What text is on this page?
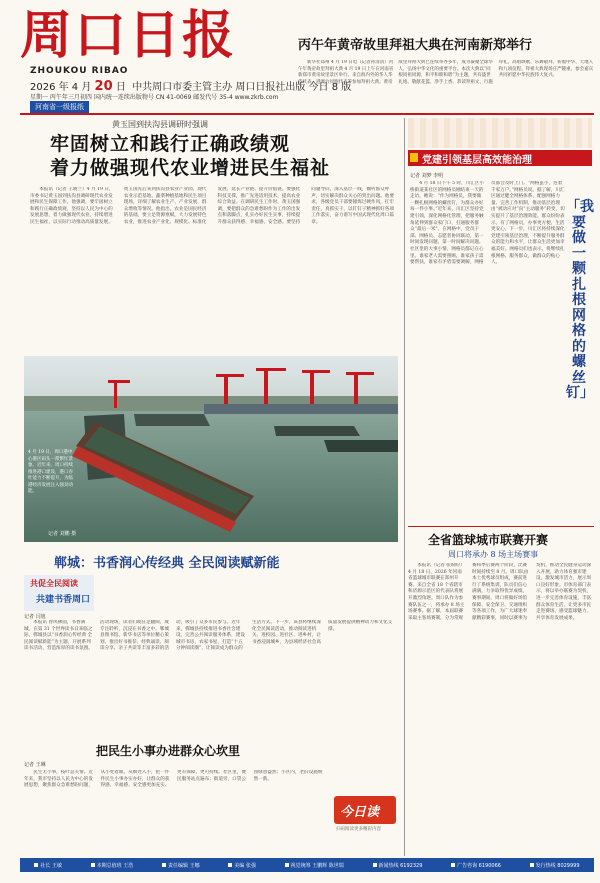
周口日报
ZHOUKOU RIBAO
2026 年 4 月 20 日 中共周口市委主管主办 周口日报社出版 今日 8 版
星期一 丙午年三月初四 国内统一连续出版物号 CN 41-0069 邮发代号 35-4 www.zkrb.com
河南省一级报纸
丙午年黄帝故里拜祖大典在河南新郑举行

新华社郑州 4 月 19 日电（记者孙清清）丙午年黄帝故里拜祖大典 4 月 19 日上午在河南省新郑市黄帝故里景区举行。来自海内外的华人华侨代表、港澳台同胞代表等参加拜祖大典。黄帝故里拜祖大典已连续举办多年，成为凝聚全球华人、弘扬中华文化的重要平台。本次大典以“同根同祖同源，和平和睦和谐”为主题，共有盛世礼炮、敬献花篮、净手上香、恭读拜祖文、行施拜礼、高唱颂歌、乐舞敬拜、祈福中华、天地人和九项仪程。拜祖大典现场庄严隆重，参会嘉宾共同祈愿中华民族伟大复兴。

黄玉国到扶沟县调研时强调
牢固树立和践行正确政绩观
着力做强现代农业增进民生福祉

本报讯（记者 王晓兰）4 月 19 日，市委书记黄玉国到扶沟县调研现代农业发展和民生保障工作。他强调，要牢固树立和践行正确政绩观，坚持以人民为中心的发展思想，着力做强现代农业，持续增进民生福祉，以实际行动推动高质量发展。黄玉国先后来到扶沟县农业产业园、现代农业示范基地、蔬菜种植基地和民生项目现场，详细了解农业生产、产业发展、群众增收等情况。他指出，农业是国民经济的基础，要立足资源禀赋，大力发展特色农业，推进农业产业化、规模化、标准化发展，延长产业链、提升价值链。要强化科技支撑，推广先进适用技术，提高农业综合效益。在调研民生工作时，黄玉国强调，要把群众的急难愁盼作为工作的出发点和落脚点，扎实办好民生实事，持续提升群众获得感、幸福感、安全感。要坚持问题导向，深入基层一线，倾听群众呼声，切实解决群众关心的突出问题。他要求，各级党员干部要锤炼过硬作风，扛牢责任，真抓实干，以钉钉子精神抓好各项工作落实，奋力谱写中国式现代化周口篇章。

4 月 19 日，周口港中心港区码头一派繁忙景象。近年来，周口持续推进港口建设，港口吞吐能力不断提升，为临港经济发展注入强劲动能。
记者 刘鹏 摄
郸城：书香润心传经典 全民阅读赋新能
共促全民阅读
共建书香周口
记者 闫旭

本报讯 春风拂面，书香满城。在第 31 个世界读书日来临之际，郸城县以“书香润心传经典 全民阅读赋新能”为主题，开展系列读书活动，营造浓厚的读书氛围。活动现场，读者们或驻足翻阅，或专注聆听，沉浸在书香之中。郸城县图书馆、新华书店等单位精心策划，推出好书推荐、经典诵读、阅读分享、亲子共读等丰富多彩的活动，吸引了众多市民参与。近年来，郸城县持续推进书香社会建设，完善公共阅读服务体系，建设城市书房、农家书屋，打造“十五分钟阅读圈”，让阅读成为群众的生活方式。下一步，该县将继续深化全民阅读活动，推动阅读进机关、进校园、进社区、进乡村，让书香浸润城乡，为县域经济社会高质量发展提供精神动力和文化支撑。

把民生小事办进群众心坎里
记者 王琳

民生无小事，枝叶总关情。近年来，我市坚持以人民为中心的发展思想，聚焦群众急难愁盼问题，从小处着眼、从细处入手，把一件件民生小事办实办好，让群众的获得感、幸福感、安全感更加充实、更有保障、更可持续。社区里，便民服务站点遍布；街道旁，口袋公园绿意盎然；小区内，老旧设施焕然一新。

今日读
扫码阅读更多精彩内容
党建引领基层高效能治理
记者 刘梦 李明

4 月 18 日下午 5 时，川汇区小桥街道某社区的网格员刚结束一天的走访。她说：“作为网格员，我要做一颗扎根网格的螺丝钉，为群众办好每一件小事。”近年来，川汇区坚持党建引领，深化网格化管理，把服务触角延伸到群众家门口，打通服务群众“最后一米”。在网格中，党员干部、网格员、志愿者协同联动，第一时间发现问题、第一时间解决问题。社区里的大事小情，网格员都记在心里。谁家老人需要照顾，谁家孩子需要帮扶，谁家有矛盾需要调解，网格员都会及时上门。“网格虽小，连着千家万户。”网格员说。据了解，川汇区通过健全网格体系、配强网格力量、完善工作机制，推动基层治理由“被动应对”向“主动服务”转变，切实提升了基层治理效能。群众纷纷表示，有了网格员，办事更方便、生活更安心。下一步，川汇区将持续深化党建引领基层治理，不断提升服务群众的能力和水平，让群众生活更加幸福美好。网格员们也表示，将继续扎根网格、服务群众，做群众的贴心人。

「我要做一颗扎根网格的螺丝钉」
全省篮球城市联赛开赛
周口将承办 8 场主场赛事

本报讯（记者 张盼盼）4 月 18 日，2026 年河南省篮球城市联赛在郑州开赛。来自全省 18 个省辖市和济源示范区的代表队将展开激烈角逐。周口队作为参赛队伍之一，将承办 8 场主场赛事。据了解，本届联赛采取主客场赛制，分为常规赛和季后赛两个阶段，比赛时间持续至 8 月。周口队由本土优秀球员组成，赛前进行了系统集训，队员们信心满满，力争取得优异成绩。赛事期间，周口将做好场馆保障、安全保卫、交通组织等各项工作，为广大球迷奉献精彩赛事，同时以赛事为契机，推动全民健身运动深入开展，助力体育强市建设，激发城市活力，展示周口良好形象。市体育部门表示，将以举办联赛为契机，进一步完善体育设施，丰富群众体育生活，让更多市民走进赛场、感受篮球魅力，共享体育发展成果。

社长 王敏	本期总值班 王浩	责任编辑 王娜	美编 张强	视觉统筹 王鹏辉 陈世瑞	新闻热线 6192329	广告咨询 6190066	发行热线 8029999
